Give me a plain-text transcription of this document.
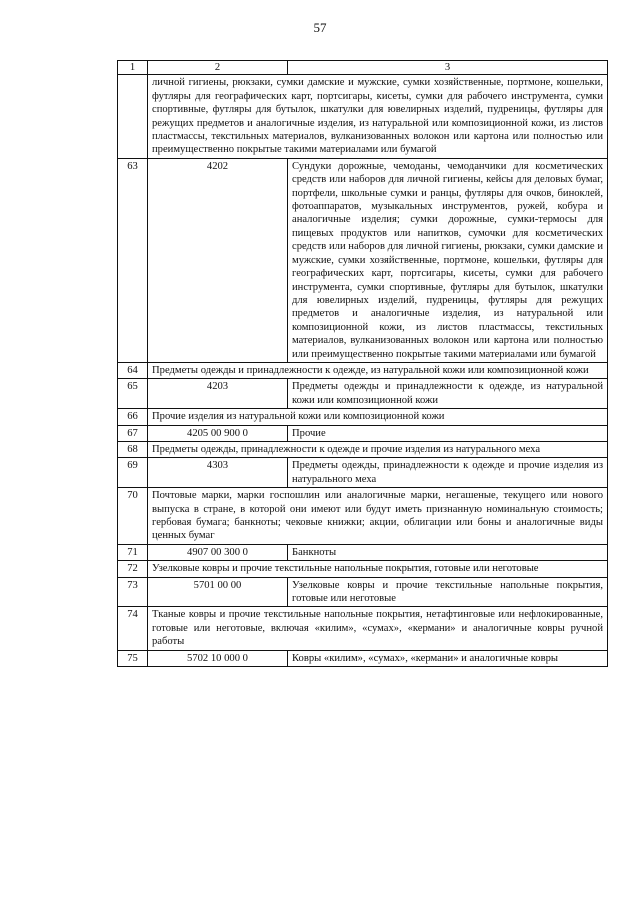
57
1	2	3
	личной гигиены, рюкзаки, сумки дамские и мужские, сумки хозяйственные, портмоне, кошельки, футляры для географических карт, портсигары, кисеты, сумки для рабочего инструмента, сумки спортивные, футляры для бутылок, шкатулки для ювелирных изделий, пудреницы, футляры для режущих предметов и аналогичные изделия, из натуральной или композиционной кожи, из листов пластмассы, текстильных материалов, вулканизованных волокон или картона или полностью или преимущественно покрытые такими материалами или бумагой	
63	4202	Сундуки дорожные, чемоданы, чемоданчики для косметических средств или наборов для личной гигиены, кейсы для деловых бумаг, портфели, школьные сумки и ранцы, футляры для очков, биноклей, фотоаппаратов, музыкальных инструментов, ружей, кобура и аналогичные изделия; сумки дорожные, сумки-термосы для пищевых продуктов или напитков, сумочки для косметических средств или наборов для личной гигиены, рюкзаки, сумки дамские и мужские, сумки хозяйственные, портмоне, кошельки, футляры для географических карт, портсигары, кисеты, сумки для рабочего инструмента, сумки спортивные, футляры для бутылок, шкатулки для ювелирных изделий, пудреницы, футляры для режущих предметов и аналогичные изделия, из натуральной или композиционной кожи, из листов пластмассы, текстильных материалов, вулканизованных волокон или картона или полностью или преимущественно покрытые такими материалами или бумагой
64	Предметы одежды и принадлежности к одежде, из натуральной кожи или композиционной кожи	
65	4203	Предметы одежды и принадлежности к одежде, из натуральной кожи или композиционной кожи
66	Прочие изделия из натуральной кожи или композиционной кожи	
67	4205 00 900 0	Прочие
68	Предметы одежды, принадлежности к одежде и прочие изделия из натурального меха	
69	4303	Предметы одежды, принадлежности к одежде и прочие изделия из натурального меха
70	Почтовые марки, марки госпошлин или аналогичные марки, негашеные, текущего или нового выпуска в стране, в которой они имеют или будут иметь признанную номинальную стоимость; гербовая бумага; банкноты; чековые книжки; акции, облигации или боны и аналогичные виды ценных бумаг	
71	4907 00 300 0	Банкноты
72	Узелковые ковры и прочие текстильные напольные покрытия, готовые или неготовые	
73	5701 00 00	Узелковые ковры и прочие текстильные напольные покрытия, готовые или неготовые
74	Тканые ковры и прочие текстильные напольные покрытия, нетафтинговые или нефлокированные, готовые или неготовые, включая «килим», «сумах», «кермани» и аналогичные ковры ручной работы	
75	5702 10 000 0	Ковры «килим», «сумах», «кермани» и аналогичные ковры
